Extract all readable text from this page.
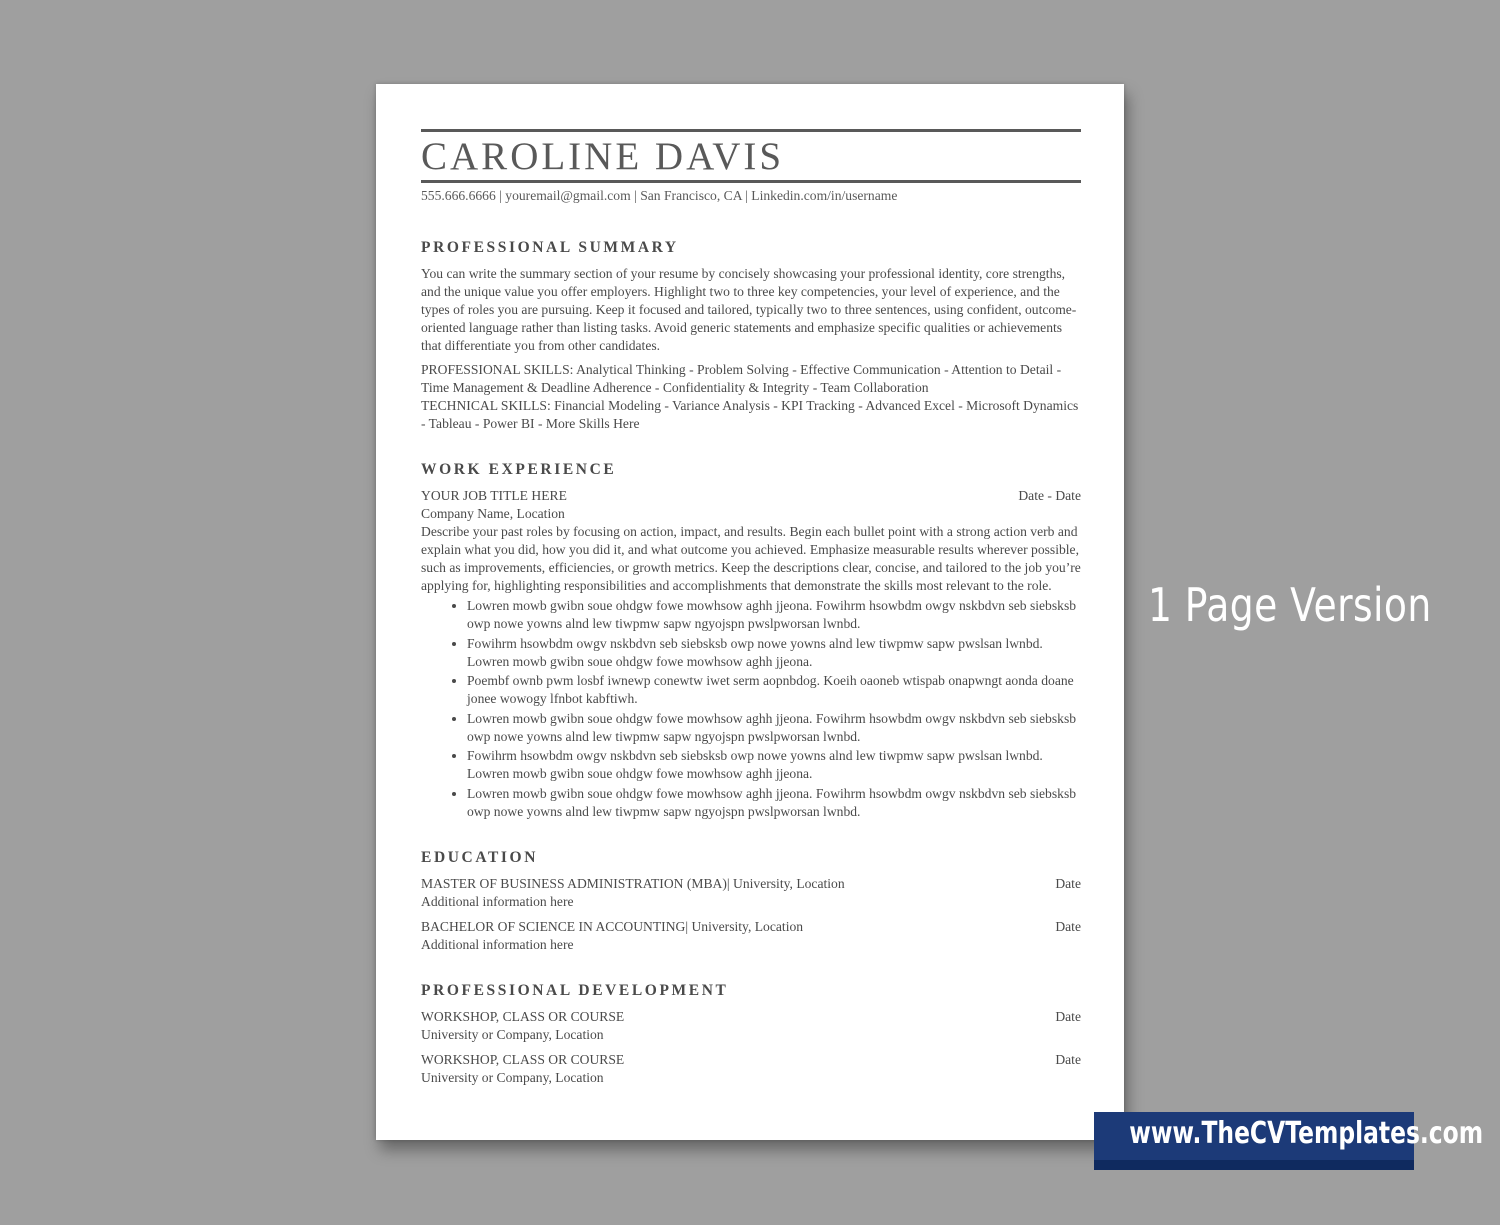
CAROLINE DAVIS
555.666.6666 | youremail@gmail.com | San Francisco, CA | Linkedin.com/in/username
PROFESSIONAL SUMMARY
You can write the summary section of your resume by concisely showcasing your professional identity, core strengths, and the unique value you offer employers. Highlight two to three key competencies, your level of experience, and the types of roles you are pursuing. Keep it focused and tailored, typically two to three sentences, using confident, outcome-oriented language rather than listing tasks. Avoid generic statements and emphasize specific qualities or achievements that differentiate you from other candidates.
PROFESSIONAL SKILLS: Analytical Thinking - Problem Solving - Effective Communication - Attention to Detail - Time Management & Deadline Adherence - Confidentiality & Integrity - Team Collaboration
TECHNICAL SKILLS: Financial Modeling - Variance Analysis - KPI Tracking - Advanced Excel - Microsoft Dynamics - Tableau - Power BI - More Skills Here
WORK EXPERIENCE
YOUR JOB TITLE HERE	Date - Date
Company Name, Location
Describe your past roles by focusing on action, impact, and results. Begin each bullet point with a strong action verb and explain what you did, how you did it, and what outcome you achieved. Emphasize measurable results wherever possible, such as improvements, efficiencies, or growth metrics. Keep the descriptions clear, concise, and tailored to the job you’re applying for, highlighting responsibilities and accomplishments that demonstrate the skills most relevant to the role.
• Lowren mowb gwibn soue ohdgw fowe mowhsow aghh jjeona. Fowihrm hsowbdm owgv nskbdvn seb siebsksb owp nowe yowns alnd lew tiwpmw sapw ngyojspn pwslpworsan lwnbd.
• Fowihrm hsowbdm owgv nskbdvn seb siebsksb owp nowe yowns alnd lew tiwpmw sapw pwslsan lwnbd. Lowren mowb gwibn soue ohdgw fowe mowhsow aghh jjeona.
• Poembf ownb pwm losbf iwnewp conewtw iwet serm aopnbdog. Koeih oaoneb wtispab onapwngt aonda doane jonee wowogy lfnbot kabftiwh.
• Lowren mowb gwibn soue ohdgw fowe mowhsow aghh jjeona. Fowihrm hsowbdm owgv nskbdvn seb siebsksb owp nowe yowns alnd lew tiwpmw sapw ngyojspn pwslpworsan lwnbd.
• Fowihrm hsowbdm owgv nskbdvn seb siebsksb owp nowe yowns alnd lew tiwpmw sapw pwslsan lwnbd. Lowren mowb gwibn soue ohdgw fowe mowhsow aghh jjeona.
• Lowren mowb gwibn soue ohdgw fowe mowhsow aghh jjeona. Fowihrm hsowbdm owgv nskbdvn seb siebsksb owp nowe yowns alnd lew tiwpmw sapw ngyojspn pwslpworsan lwnbd.
EDUCATION
MASTER OF BUSINESS ADMINISTRATION (MBA)| University, Location	Date
Additional information here
BACHELOR OF SCIENCE IN ACCOUNTING| University, Location	Date
Additional information here
PROFESSIONAL DEVELOPMENT
WORKSHOP, CLASS OR COURSE	Date
University or Company, Location
WORKSHOP, CLASS OR COURSE	Date
University or Company, Location
1 Page Version
www.TheCVTemplates.com
